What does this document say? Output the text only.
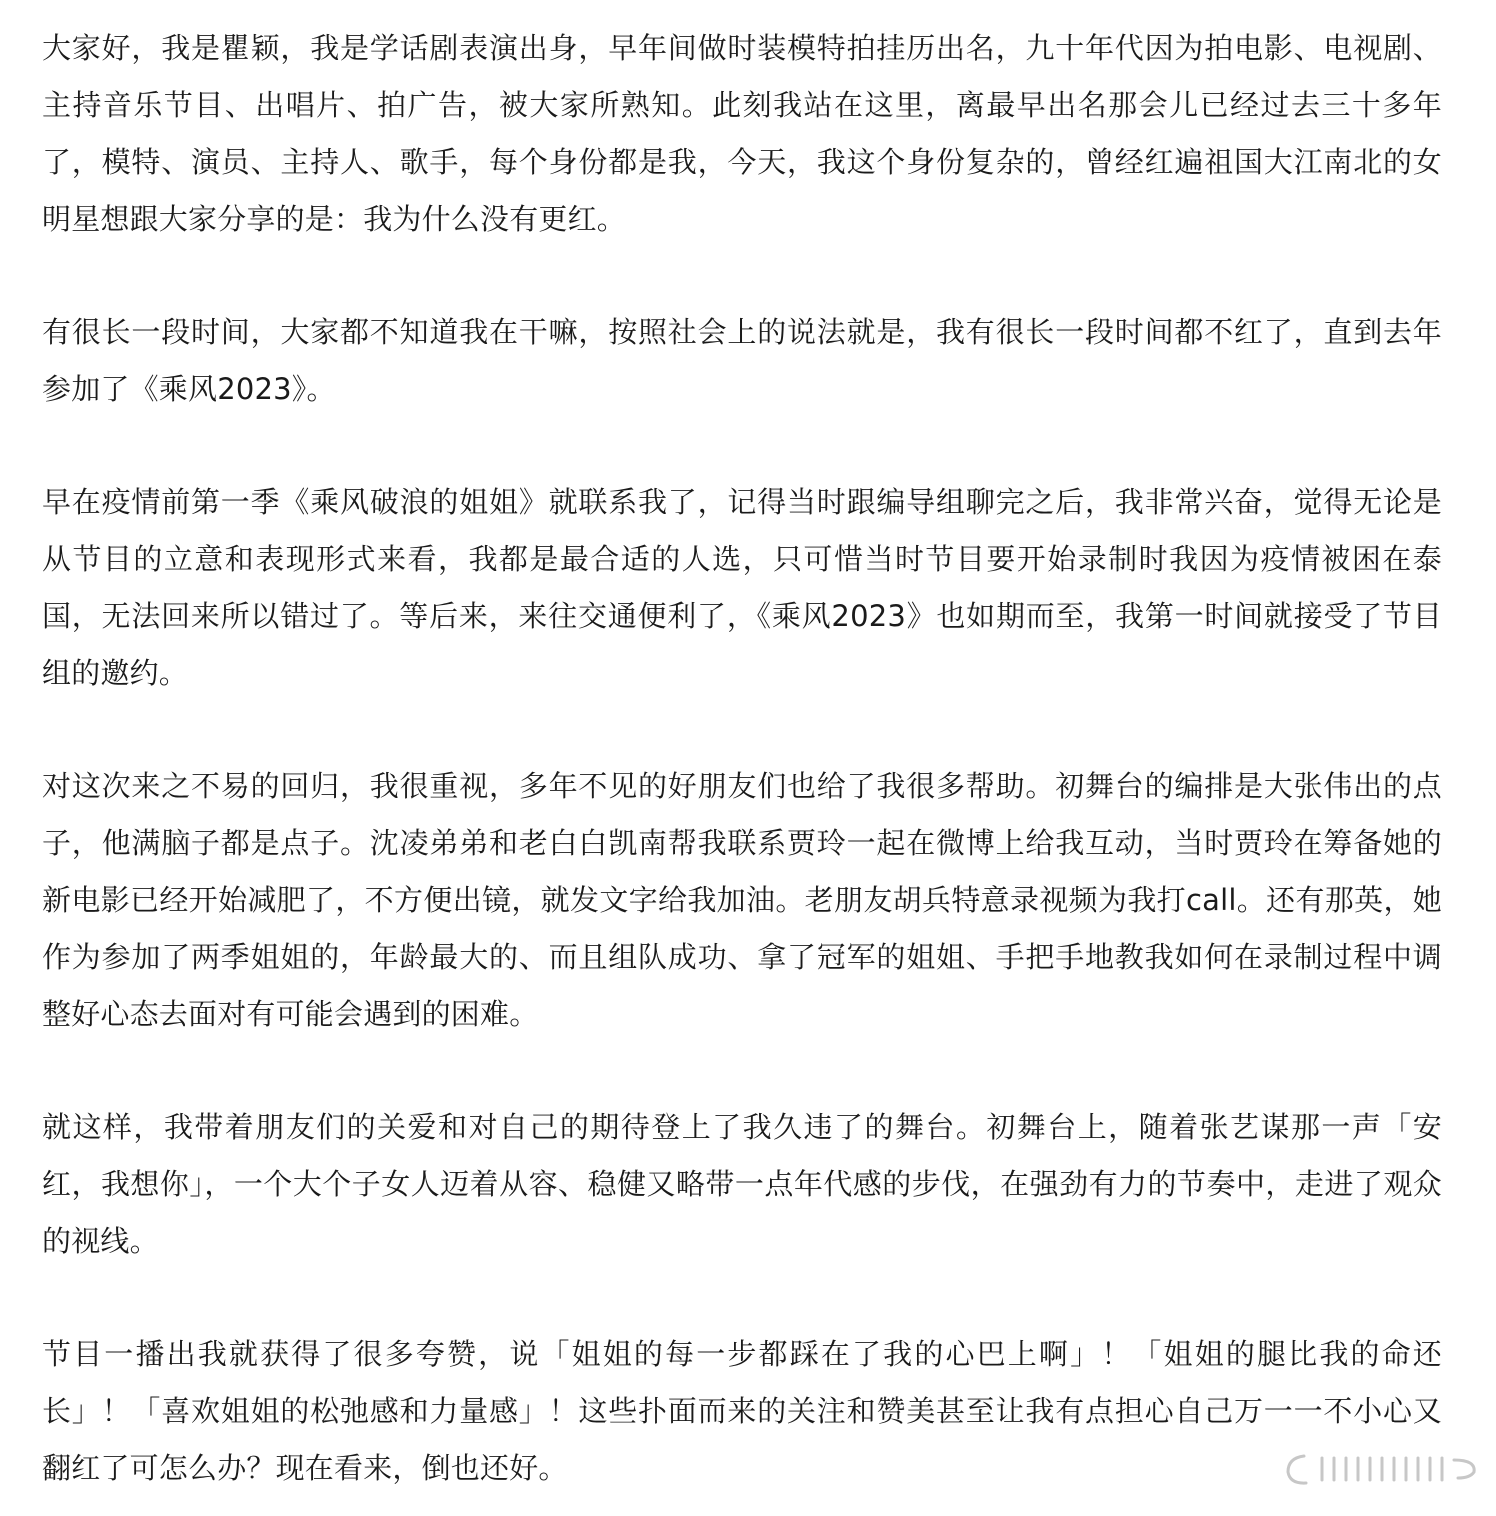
大家好，我是瞿颖，我是学话剧表演出身，早年间做时装模特拍挂历出名，九十年代因为拍电影、电视剧、主持音乐节目、出唱片、拍广告，被大家所熟知。此刻我站在这里，离最早出名那会儿已经过去三十多年了，模特、演员、主持人、歌手，每个身份都是我，今天，我这个身份复杂的，曾经红遍祖国大江南北的女明星想跟大家分享的是：我为什么没有更红。

有很长一段时间，大家都不知道我在干嘛，按照社会上的说法就是，我有很长一段时间都不红了，直到去年参加了《乘风2023》。

早在疫情前第一季《乘风破浪的姐姐》就联系我了，记得当时跟编导组聊完之后，我非常兴奋，觉得无论是从节目的立意和表现形式来看，我都是最合适的人选，只可惜当时节目要开始录制时我因为疫情被困在泰国，无法回来所以错过了。等后来，来往交通便利了，《乘风2023》也如期而至，我第一时间就接受了节目组的邀约。

对这次来之不易的回归，我很重视，多年不见的好朋友们也给了我很多帮助。初舞台的编排是大张伟出的点子，他满脑子都是点子。沈凌弟弟和老白白凯南帮我联系贾玲一起在微博上给我互动，当时贾玲在筹备她的新电影已经开始减肥了，不方便出镜，就发文字给我加油。老朋友胡兵特意录视频为我打call。还有那英，她作为参加了两季姐姐的，年龄最大的、而且组队成功、拿了冠军的姐姐、手把手地教我如何在录制过程中调整好心态去面对有可能会遇到的困难。

就这样，我带着朋友们的关爱和对自己的期待登上了我久违了的舞台。初舞台上，随着张艺谋那一声「安红，我想你」，一个大个子女人迈着从容、稳健又略带一点年代感的步伐，在强劲有力的节奏中，走进了观众的视线。

节目一播出我就获得了很多夸赞，说「姐姐的每一步都踩在了我的心巴上啊」！「姐姐的腿比我的命还长」！「喜欢姐姐的松弛感和力量感」！这些扑面而来的关注和赞美甚至让我有点担心自己万一一不小心又翻红了可怎么办？现在看来，倒也还好。
